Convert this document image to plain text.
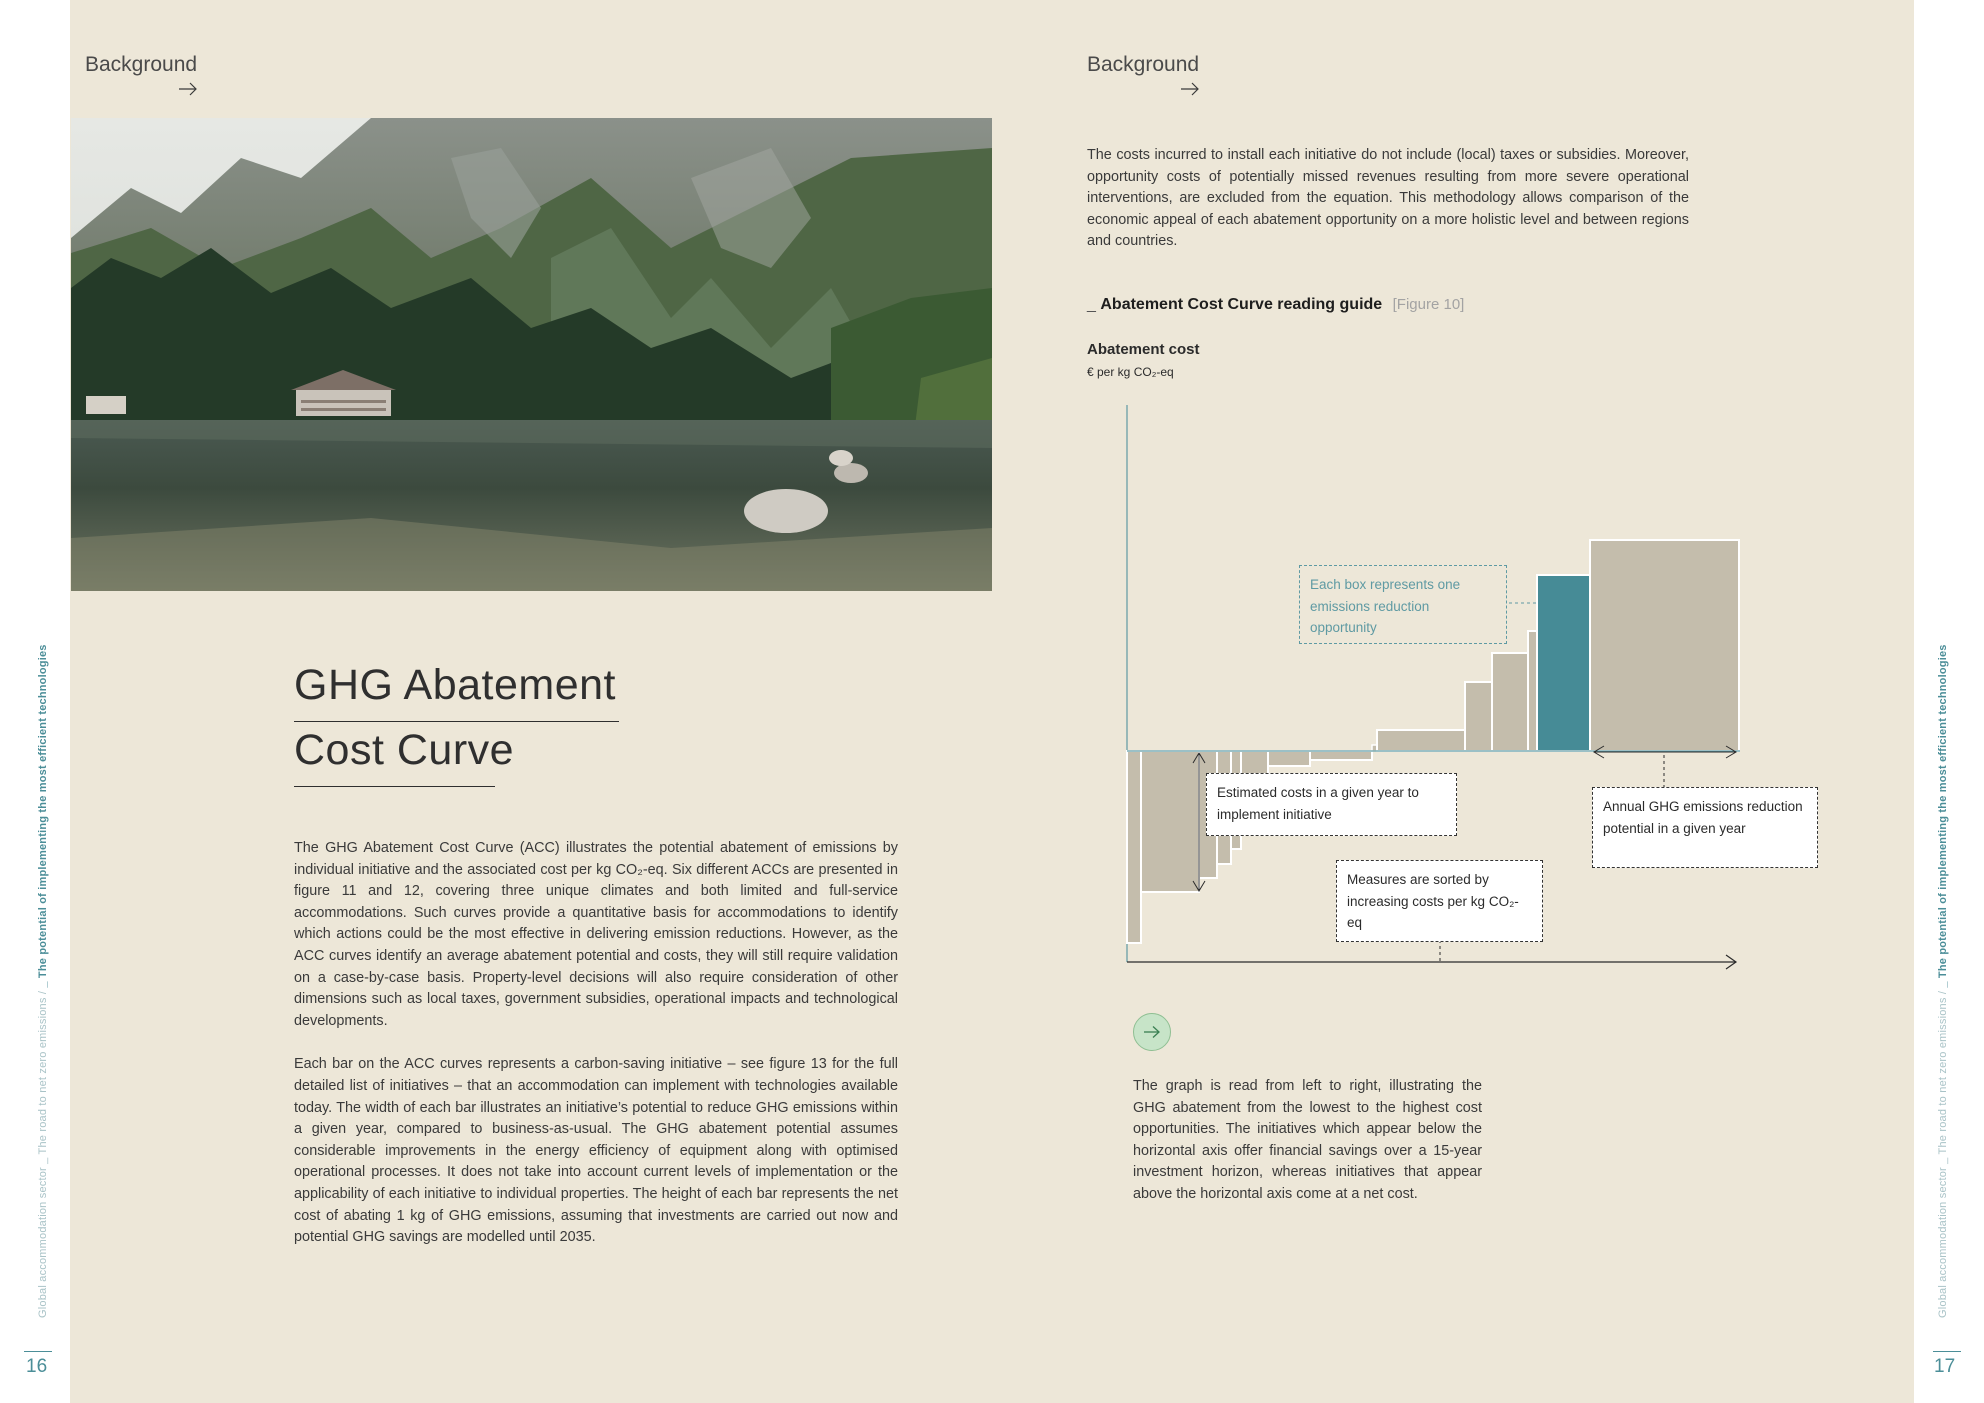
Global accommodation sector _ The road to net zero emissions / _ The potential of implementing the most efficient technologies
16
Global accommodation sector _ The road to net zero emissions / _ The potential of implementing the most efficient technologies
17
Background
GHG Abatement
Cost Curve

The GHG Abatement Cost Curve (ACC) illustrates the potential abatement of emissions by individual initiative and the associated cost per kg CO₂-eq. Six different ACCs are presented in figure 11 and 12, covering three unique climates and both limited and full-service accommodations. Such curves provide a quantitative basis for accommodations to identify which actions could be the most effective in delivering emission reductions. However, as the ACC curves identify an average abatement potential and costs, they will still require validation on a case-by-case basis. Property-level decisions will also require consideration of other dimensions such as local taxes, government subsidies, operational impacts and technological developments.

Each bar on the ACC curves represents a carbon-saving initiative – see figure 13 for the full detailed list of initiatives – that an accommodation can implement with technologies available today. The width of each bar illustrates an initiative’s potential to reduce GHG emissions within a given year, compared to business-as-usual. The GHG abatement potential assumes considerable improvements in the energy efficiency of equipment along with optimised operational processes. It does not take into account current levels of implementation or the applicability of each initiative to individual properties. The height of each bar represents the net cost of abating 1 kg of GHG emissions, assuming that investments are carried out now and potential GHG savings are modelled until 2035.

Background
The costs incurred to install each initiative do not include (local) taxes or subsidies. Moreover, opportunity costs of potentially missed revenues resulting from more severe operational interventions, are excluded from the equation. This methodology allows comparison of the economic appeal of each abatement opportunity on a more holistic level and between regions and countries.
_ Abatement Cost Curve reading guide [Figure 10]
Abatement cost
€ per kg CO₂-eq
Each box represents one emissions reduction opportunity
Estimated costs in a given year to implement initiative
Measures are sorted by increasing costs per kg CO₂-eq
Annual GHG emissions reduction potential in a given year
The graph is read from left to right, illustrating the GHG abatement from the lowest to the highest cost opportunities. The initiatives which appear below the horizontal axis offer financial savings over a 15-year investment horizon, whereas initiatives that appear above the horizontal axis come at a net cost.
